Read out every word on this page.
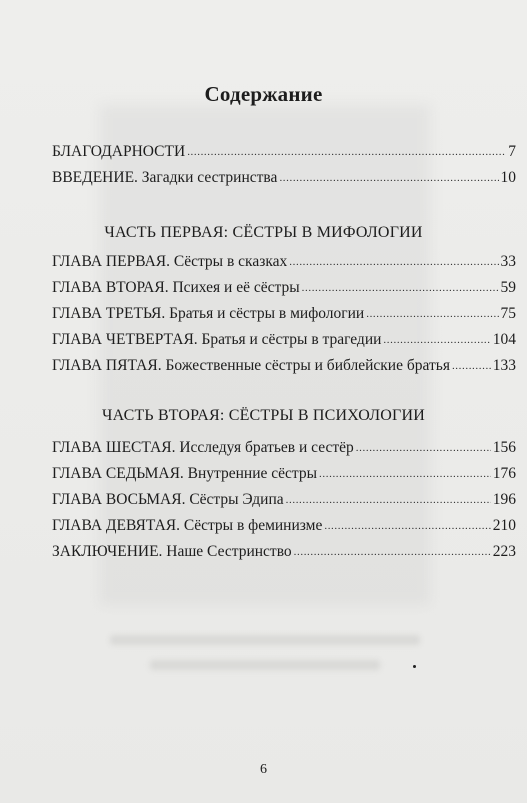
Содержание
БЛАГОДАРНОСТИ .....	7
ВВЕДЕНИЕ. Загадки сестринства .....	10
ЧАСТЬ ПЕРВАЯ: СЁСТРЫ В МИФОЛОГИИ
ГЛАВА ПЕРВАЯ. Сёстры в сказках .....	33
ГЛАВА ВТОРАЯ. Психея и её сёстры .....	59
ГЛАВА ТРЕТЬЯ. Братья и сёстры в мифологии .....	75
ГЛАВА ЧЕТВЕРТАЯ. Братья и сёстры в трагедии .....	104
ГЛАВА ПЯТАЯ. Божественные сёстры и библейские братья .....	133
ЧАСТЬ ВТОРАЯ: СЁСТРЫ В ПСИХОЛОГИИ
ГЛАВА ШЕСТАЯ. Исследуя братьев и сестёр .....	156
ГЛАВА СЕДЬМАЯ. Внутренние сёстры .....	176
ГЛАВА ВОСЬМАЯ. Сёстры Эдипа .....	196
ГЛАВА ДЕВЯТАЯ. Сёстры в феминизме .....	210
ЗАКЛЮЧЕНИЕ. Наше Сестринство .....	223
6
